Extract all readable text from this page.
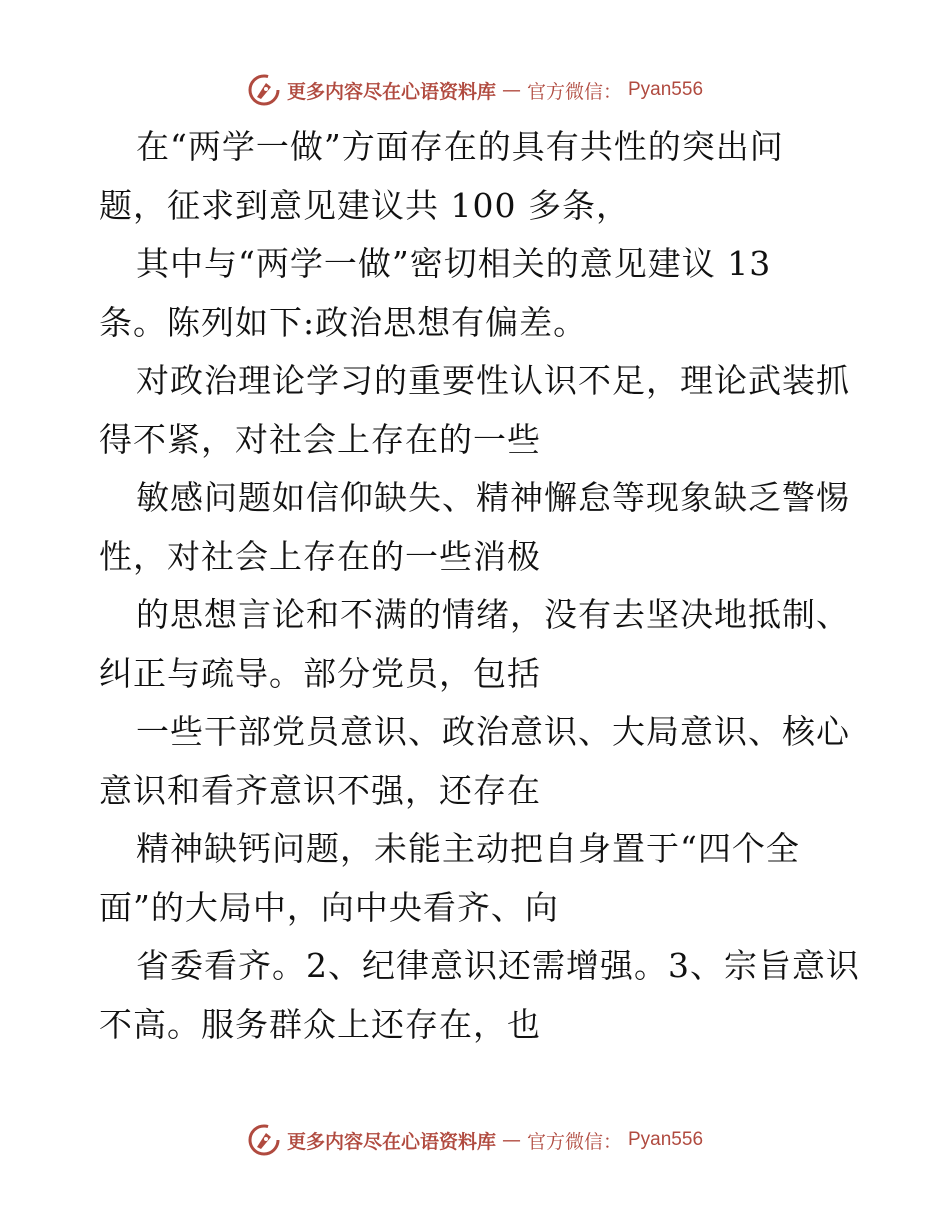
更多内容尽在心语资料库 — 官方微信： Pyan556
在“两学一做”方面存在的具有共性的突出问
题，征求到意见建议共 100 多条，
其中与“两学一做”密切相关的意见建议 13
条。陈列如下:政治思想有偏差。
对政治理论学习的重要性认识不足，理论武装抓
得不紧，对社会上存在的一些
敏感问题如信仰缺失、精神懈怠等现象缺乏警惕
性，对社会上存在的一些消极
的思想言论和不满的情绪，没有去坚决地抵制、
纠正与疏导。部分党员，包括
一些干部党员意识、政治意识、大局意识、核心
意识和看齐意识不强，还存在
精神缺钙问题，未能主动把自身置于“四个全
面”的大局中，向中央看齐、向
省委看齐。2、纪律意识还需增强。3、宗旨意识
不高。服务群众上还存在，也
更多内容尽在心语资料库 — 官方微信： Pyan556
